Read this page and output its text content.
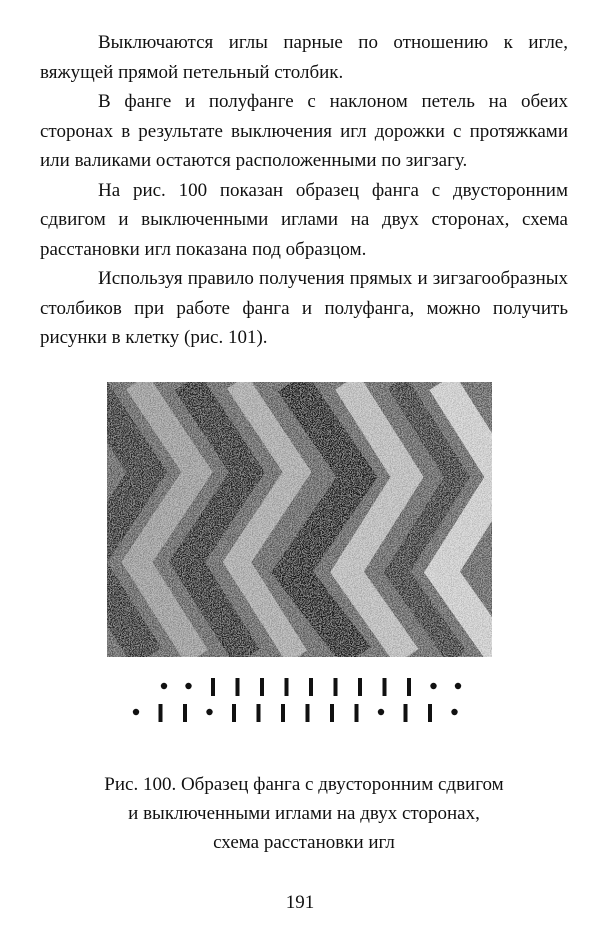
Выключаются иглы парные по отношению к игле, вяжущей прямой петельный столбик.

В фанге и полуфанге с наклоном петель на обеих сторонах в результате выключения игл дорожки с протяжками или валиками остаются расположенными по зигзагу.

На рис. 100 показан образец фанга с двусторонним сдвигом и выключенными иглами на двух сторонах, схема расстановки игл показана под образцом.

Используя правило получения прямых и зигзагообразных столбиков при работе фанга и полуфанга, можно получить рисунки в клетку (рис. 101).

Рис. 100. Образец фанга с двусторонним сдвигом
и выключенными иглами на двух сторонах,
схема расстановки игл
191
